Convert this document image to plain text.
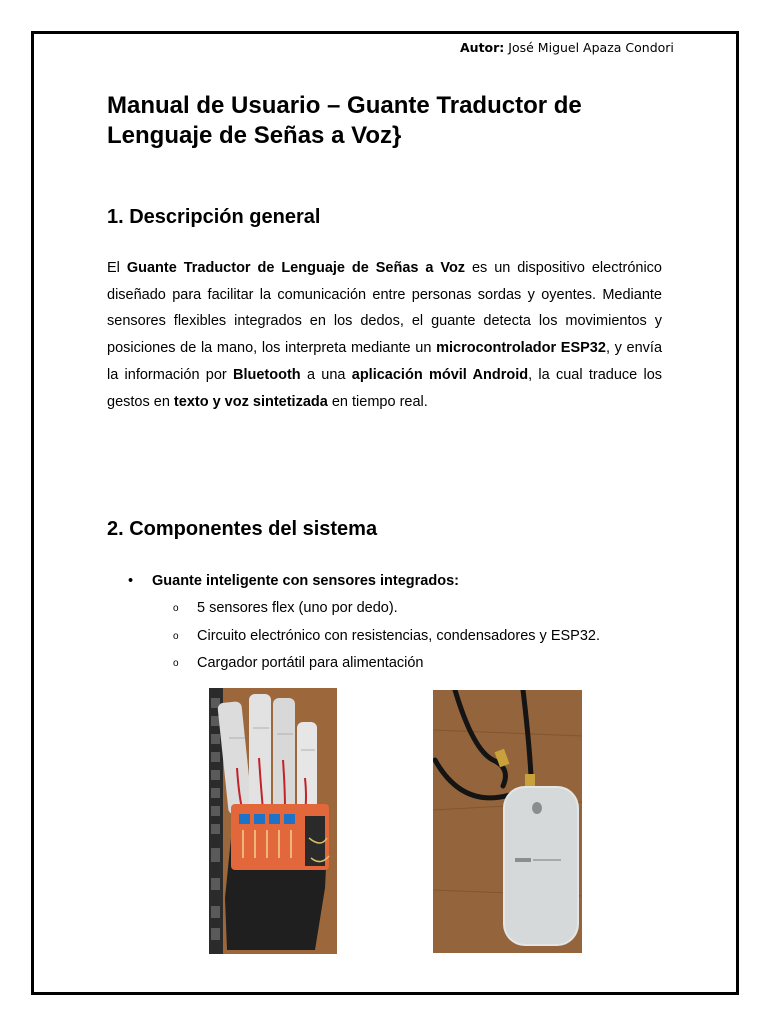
Autor: José Miguel Apaza Condori
Manual de Usuario – Guante Traductor de Lenguaje de Señas a Voz}
1. Descripción general

El Guante Traductor de Lenguaje de Señas a Voz es un dispositivo electrónico diseñado para facilitar la comunicación entre personas sordas y oyentes. Mediante sensores flexibles integrados en los dedos, el guante detecta los movimientos y posiciones de la mano, los interpreta mediante un microcontrolador ESP32, y envía la información por Bluetooth a una aplicación móvil Android, la cual traduce los gestos en texto y voz sintetizada en tiempo real.

2. Componentes del sistema
• Guante inteligente con sensores integrados:
o 5 sensores flex (uno por dedo).
o Circuito electrónico con resistencias, condensadores y ESP32.
o Cargador portátil para alimentación
